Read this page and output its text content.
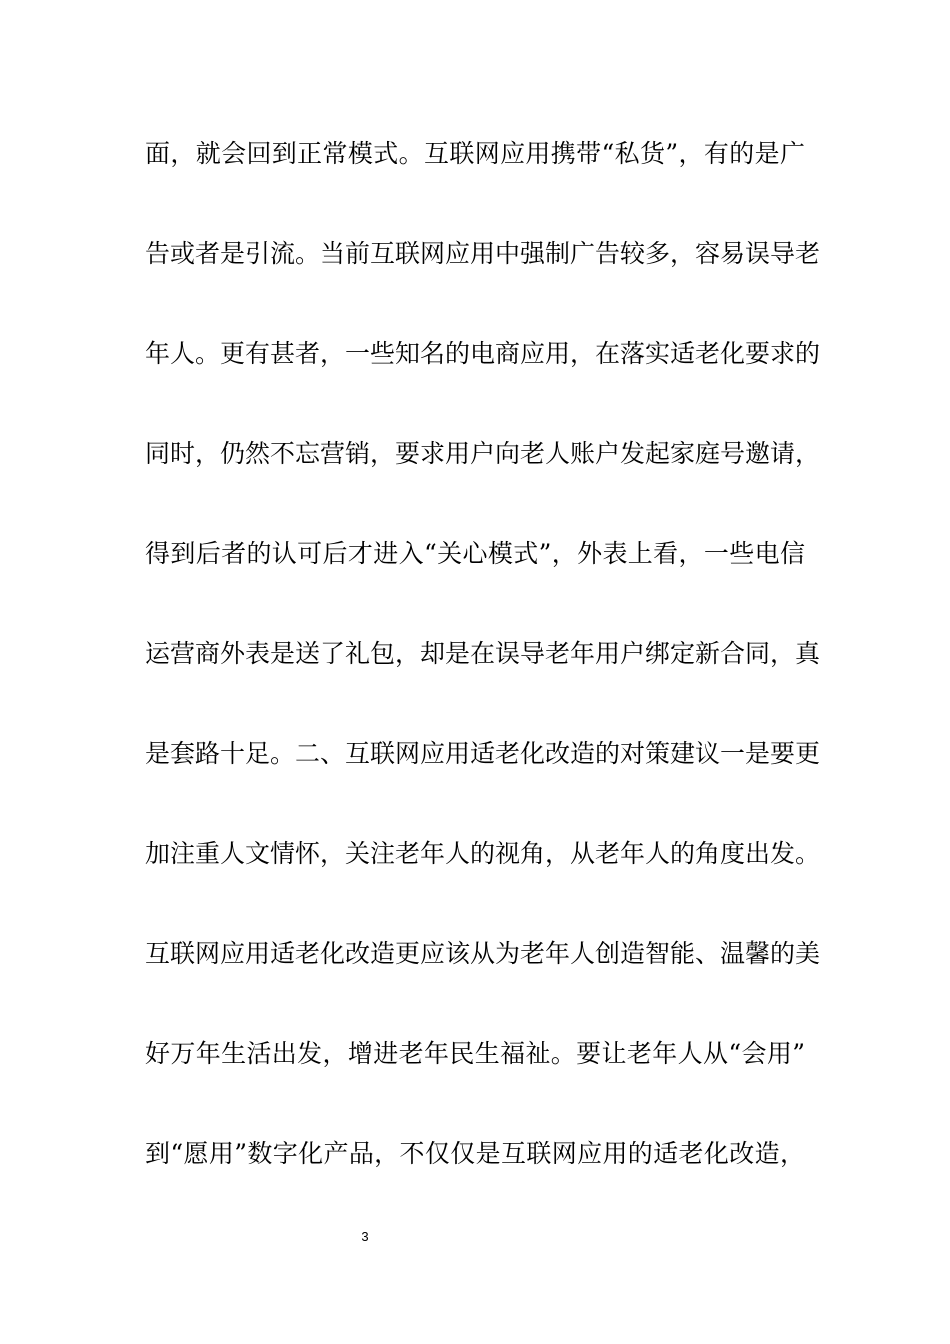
面，就会回到正常模式。互联网应用携带“私货”，有的是广
告或者是引流。当前互联网应用中强制广告较多，容易误导老
年人。更有甚者，一些知名的电商应用，在落实适老化要求的
同时，仍然不忘营销，要求用户向老人账户发起家庭号邀请，
得到后者的认可后才进入“关心模式”，外表上看，一些电信
运营商外表是送了礼包，却是在误导老年用户绑定新合同，真
是套路十足。二、互联网应用适老化改造的对策建议一是要更
加注重人文情怀，关注老年人的视角，从老年人的角度出发。
互联网应用适老化改造更应该从为老年人创造智能、温馨的美
好万年生活出发，增进老年民生福祉。要让老年人从“会用”
到“愿用”数字化产品，不仅仅是互联网应用的适老化改造，
3
